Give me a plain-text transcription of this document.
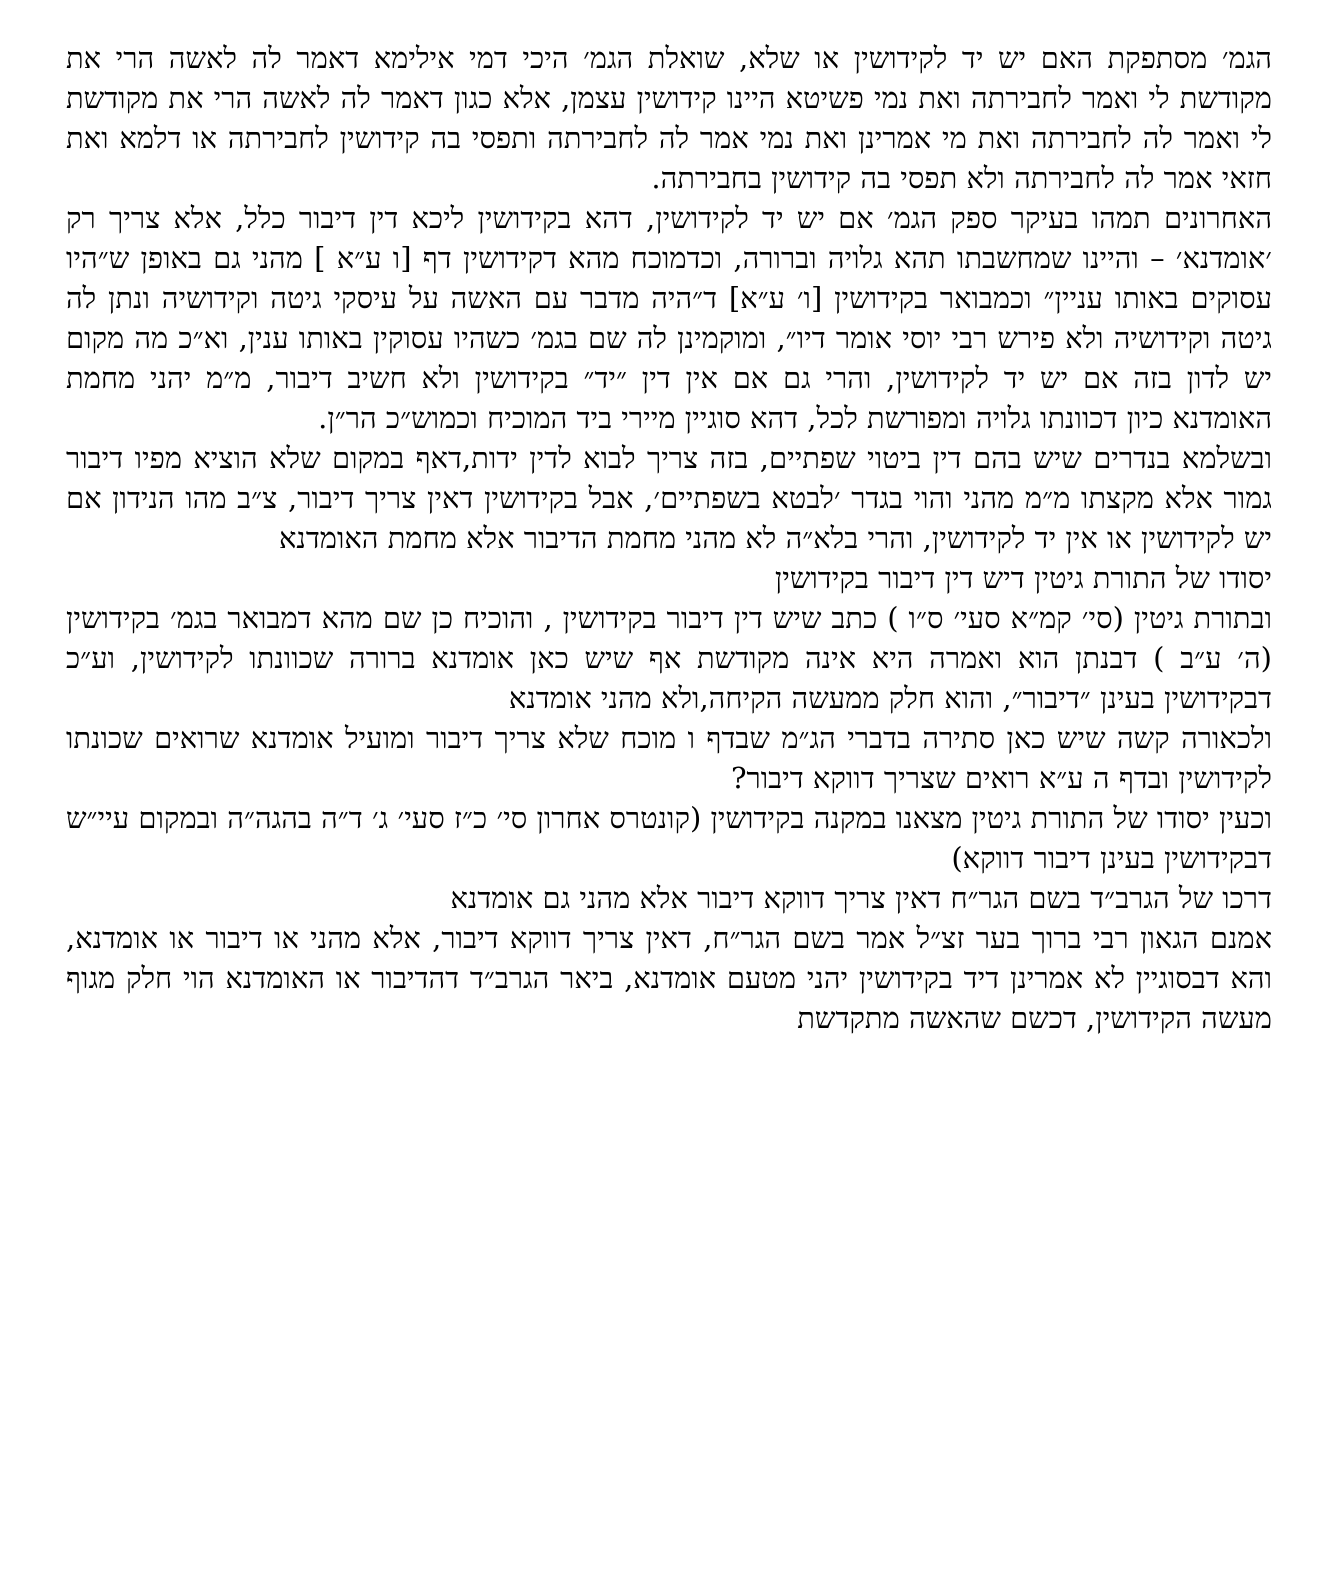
הגמ׳ מסתפקת האם יש יד לקידושין או שלא, שואלת הגמ׳ היכי דמי אילימא דאמר לה לאשה הרי את מקודשת לי ואמר לחבירתה ואת נמי פשיטא היינו קידושין עצמן, אלא כגון דאמר לה לאשה הרי את מקודשת לי ואמר לה לחבירתה ואת מי אמרינן ואת נמי אמר לה לחבירתה ותפסי בה קידושין לחבירתה או דלמא ואת חזאי אמר לה לחבירתה ולא תפסי בה קידושין בחבירתה.

האחרונים תמהו בעיקר ספק הגמ׳ אם יש יד לקידושין, דהא בקידושין ליכא דין דיבור כלל, אלא צריך רק ׳אומדנא׳ – והיינו שמחשבתו תהא גלויה וברורה, וכדמוכח מהא דקידושין דף [ו ע״א ] מהני גם באופן ש״היו עסוקים באותו עניין״ וכמבואר בקידושין [ו׳ ע״א] ד״היה מדבר עם האשה על עיסקי גיטה וקידושיה ונתן לה גיטה וקידושיה ולא פירש רבי יוסי אומר דיו״, ומוקמינן לה שם בגמ׳ כשהיו עסוקין באותו ענין, וא״כ מה מקום יש לדון בזה אם יש יד לקידושין, והרי גם אם אין דין ״יד״ בקידושין ולא חשיב דיבור, מ״מ יהני מחמת האומדנא כיון דכוונתו גלויה ומפורשת לכל, דהא סוגיין מיירי ביד המוכיח וכמוש״כ הר״ן.

ובשלמא בנדרים שיש בהם דין ביטוי שפתיים, בזה צריך לבוא לדין ידות,דאף במקום שלא הוציא מפיו דיבור גמור אלא מקצתו מ״מ מהני והוי בגדר ׳לבטא בשפתיים׳, אבל בקידושין דאין צריך דיבור, צ״ב מהו הנידון אם יש לקידושין או אין יד לקידושין, והרי בלא״ה לא מהני מחמת הדיבור אלא מחמת האומדנא

יסודו של התורת גיטין דיש דין דיבור בקידושין

ובתורת גיטין (סי׳ קמ״א סעי׳ ס״ו ) כתב שיש דין דיבור בקידושין , והוכיח כן שם מהא דמבואר בגמ׳ בקידושין (ה׳ ע״ב ) דבנתן הוא ואמרה היא אינה מקודשת אף שיש כאן אומדנא ברורה שכוונתו לקידושין, וע״כ דבקידושין בעינן ״דיבור״, והוא חלק ממעשה הקיחה,ולא מהני אומדנא

ולכאורה קשה שיש כאן סתירה בדברי הג״מ שבדף ו מוכח שלא צריך דיבור ומועיל אומדנא שרואים שכונתו לקידושין ובדף ה ע״א רואים שצריך דווקא דיבור?

וכעין יסודו של התורת גיטין מצאנו במקנה בקידושין (קונטרס אחרון סי׳ כ״ז סעי׳ ג׳ ד״ה בהגה״ה ובמקום עיי״ש דבקידושין בעינן דיבור דווקא)

דרכו של הגרב״ד בשם הגר״ח דאין צריך דווקא דיבור אלא מהני גם אומדנא

אמנם הגאון רבי ברוך בער זצ״ל אמר בשם הגר״ח, דאין צריך דווקא דיבור, אלא מהני או דיבור או אומדנא, והא דבסוגיין לא אמרינן דיד בקידושין יהני מטעם אומדנא, ביאר הגרב״ד דהדיבור או האומדנא הוי חלק מגוף מעשה הקידושין, דכשם שהאשה מתקדשת
